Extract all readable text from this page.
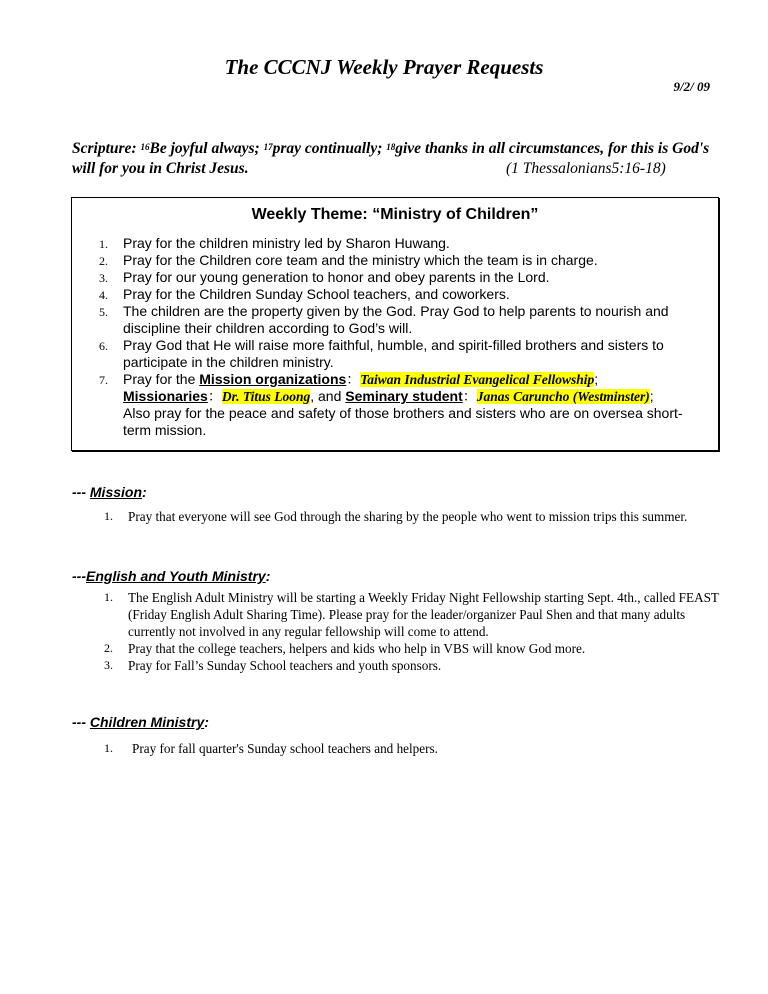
The CCCNJ Weekly Prayer Requests
9/2/ 09
Scripture: $^{16}$Be joyful always; $^{17}$pray continually; $^{18}$give thanks in all circumstances, for this is God's will for you in Christ Jesus.	(1 Thessalonians5:16-18)
Weekly Theme: “Ministry of Children”
1. Pray for the children ministry led by Sharon Huwang.
2. Pray for the Children core team and the ministry which the team is in charge.
3. Pray for our young generation to honor and obey parents in the Lord.
4. Pray for the Children Sunday School teachers, and coworkers.
5. The children are the property given by the God. Pray God to help parents to nourish and discipline their children according to God’s will.
6. Pray God that He will raise more faithful, humble, and spirit-filled brothers and sisters to participate in the children ministry.
7. Pray for the Mission organizations：Taiwan Industrial Evangelical Fellowship;
Missionaries：Dr. Titus Loong, and Seminary student：Janas Caruncho (Westminster);
Also pray for the peace and safety of those brothers and sisters who are on oversea short-term mission.
--- Mission:
1. Pray that everyone will see God through the sharing by the people who went to mission trips this summer.
---English and Youth Ministry:
1. The English Adult Ministry will be starting a Weekly Friday Night Fellowship starting Sept. 4th., called FEAST (Friday English Adult Sharing Time). Please pray for the leader/organizer Paul Shen and that many adults currently not involved in any regular fellowship will come to attend.
2. Pray that the college teachers, helpers and kids who help in VBS will know God more.
3. Pray for Fall’s Sunday School teachers and youth sponsors.
--- Children Ministry:
1. Pray for fall quarter's Sunday school teachers and helpers.
